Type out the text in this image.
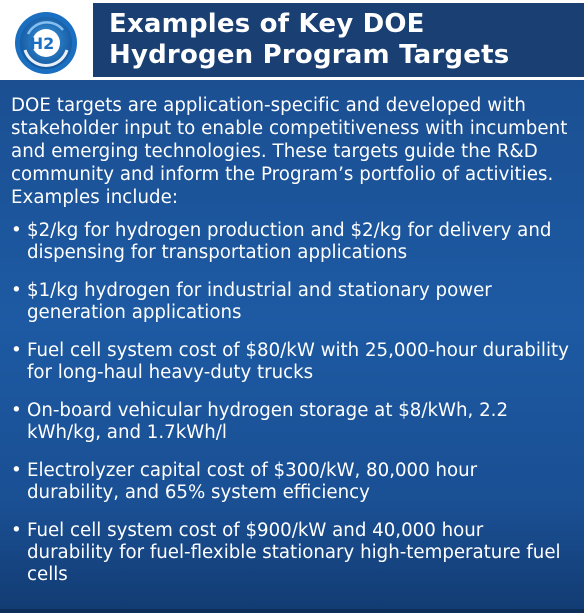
H2
Examples of Key DOE
Hydrogen Program Targets

DOE targets are application-specific and developed with stakeholder input to enable competitiveness with incumbent and emerging technologies. These targets guide the R&D community and inform the Program’s portfolio of activities. Examples include:

• $2/kg for hydrogen production and $2/kg for delivery and dispensing for transportation applications
• $1/kg hydrogen for industrial and stationary power generation applications
• Fuel cell system cost of $80/kW with 25,000-hour durability for long-haul heavy-duty trucks
• On-board vehicular hydrogen storage at $8/kWh, 2.2 kWh/kg, and 1.7kWh/l
• Electrolyzer capital cost of $300/kW, 80,000 hour durability, and 65% system efficiency
• Fuel cell system cost of $900/kW and 40,000 hour durability for fuel-flexible stationary high-temperature fuel cells
